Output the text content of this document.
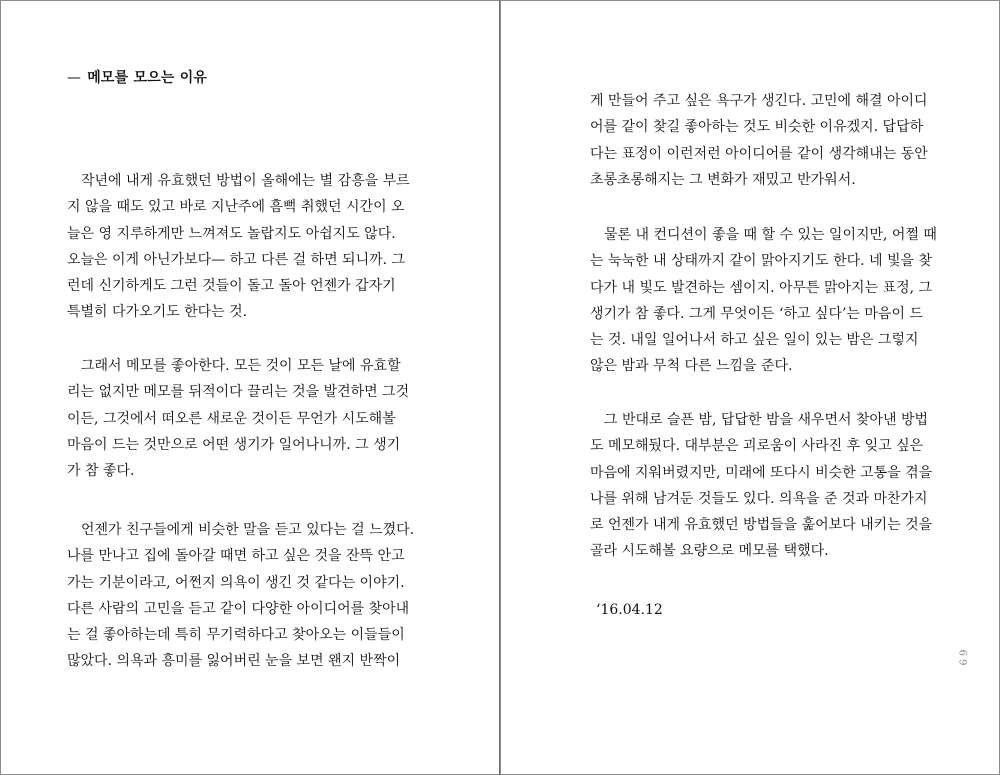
— 메모를 모으는 이유
작년에 내게 유효했던 방법이 올해에는 별 감흥을 부르
지 않을 때도 있고 바로 지난주에 흠뻑 취했던 시간이 오
늘은 영 지루하게만 느껴져도 놀랍지도 아쉽지도 않다.
오늘은 이게 아닌가보다— 하고 다른 걸 하면 되니까. 그
런데 신기하게도 그런 것들이 돌고 돌아 언젠가 갑자기
특별히 다가오기도 한다는 것.
그래서 메모를 좋아한다. 모든 것이 모든 날에 유효할
리는 없지만 메모를 뒤적이다 끌리는 것을 발견하면 그것
이든, 그것에서 떠오른 새로운 것이든 무언가 시도해볼
마음이 드는 것만으로 어떤 생기가 일어나니까. 그 생기
가 참 좋다.
언젠가 친구들에게 비슷한 말을 듣고 있다는 걸 느꼈다.
나를 만나고 집에 돌아갈 때면 하고 싶은 것을 잔뜩 안고
가는 기분이라고, 어쩐지 의욕이 생긴 것 같다는 이야기.
다른 사람의 고민을 듣고 같이 다양한 아이디어를 찾아내
는 걸 좋아하는데 특히 무기력하다고 찾아오는 이들들이
많았다. 의욕과 흥미를 잃어버린 눈을 보면 왠지 반짝이
게 만들어 주고 싶은 욕구가 생긴다. 고민에 해결 아이디
어를 같이 찾길 좋아하는 것도 비슷한 이유겠지. 답답하
다는 표정이 이런저런 아이디어를 같이 생각해내는 동안
초롱초롱해지는 그 변화가 재밌고 반가워서.
물론 내 컨디션이 좋을 때 할 수 있는 일이지만, 어쩔 때
는 눅눅한 내 상태까지 같이 맑아지기도 한다. 네 빛을 찾
다가 내 빛도 발견하는 셈이지. 아무튼 맑아지는 표정, 그
생기가 참 좋다. 그게 무엇이든 ‘하고 싶다’는 마음이 드
는 것. 내일 일어나서 하고 싶은 일이 있는 밤은 그렇지
않은 밤과 무척 다른 느낌을 준다.
그 반대로 슬픈 밤, 답답한 밤을 새우면서 찾아낸 방법
도 메모해뒀다. 대부분은 괴로움이 사라진 후 잊고 싶은
마음에 지워버렸지만, 미래에 또다시 비슷한 고통을 겪을
나를 위해 남겨둔 것들도 있다. 의욕을 준 것과 마찬가지
로 언젠가 내게 유효했던 방법들을 훑어보다 내키는 것을
골라 시도해볼 요량으로 메모를 택했다.
‘16.04.12
6 9
